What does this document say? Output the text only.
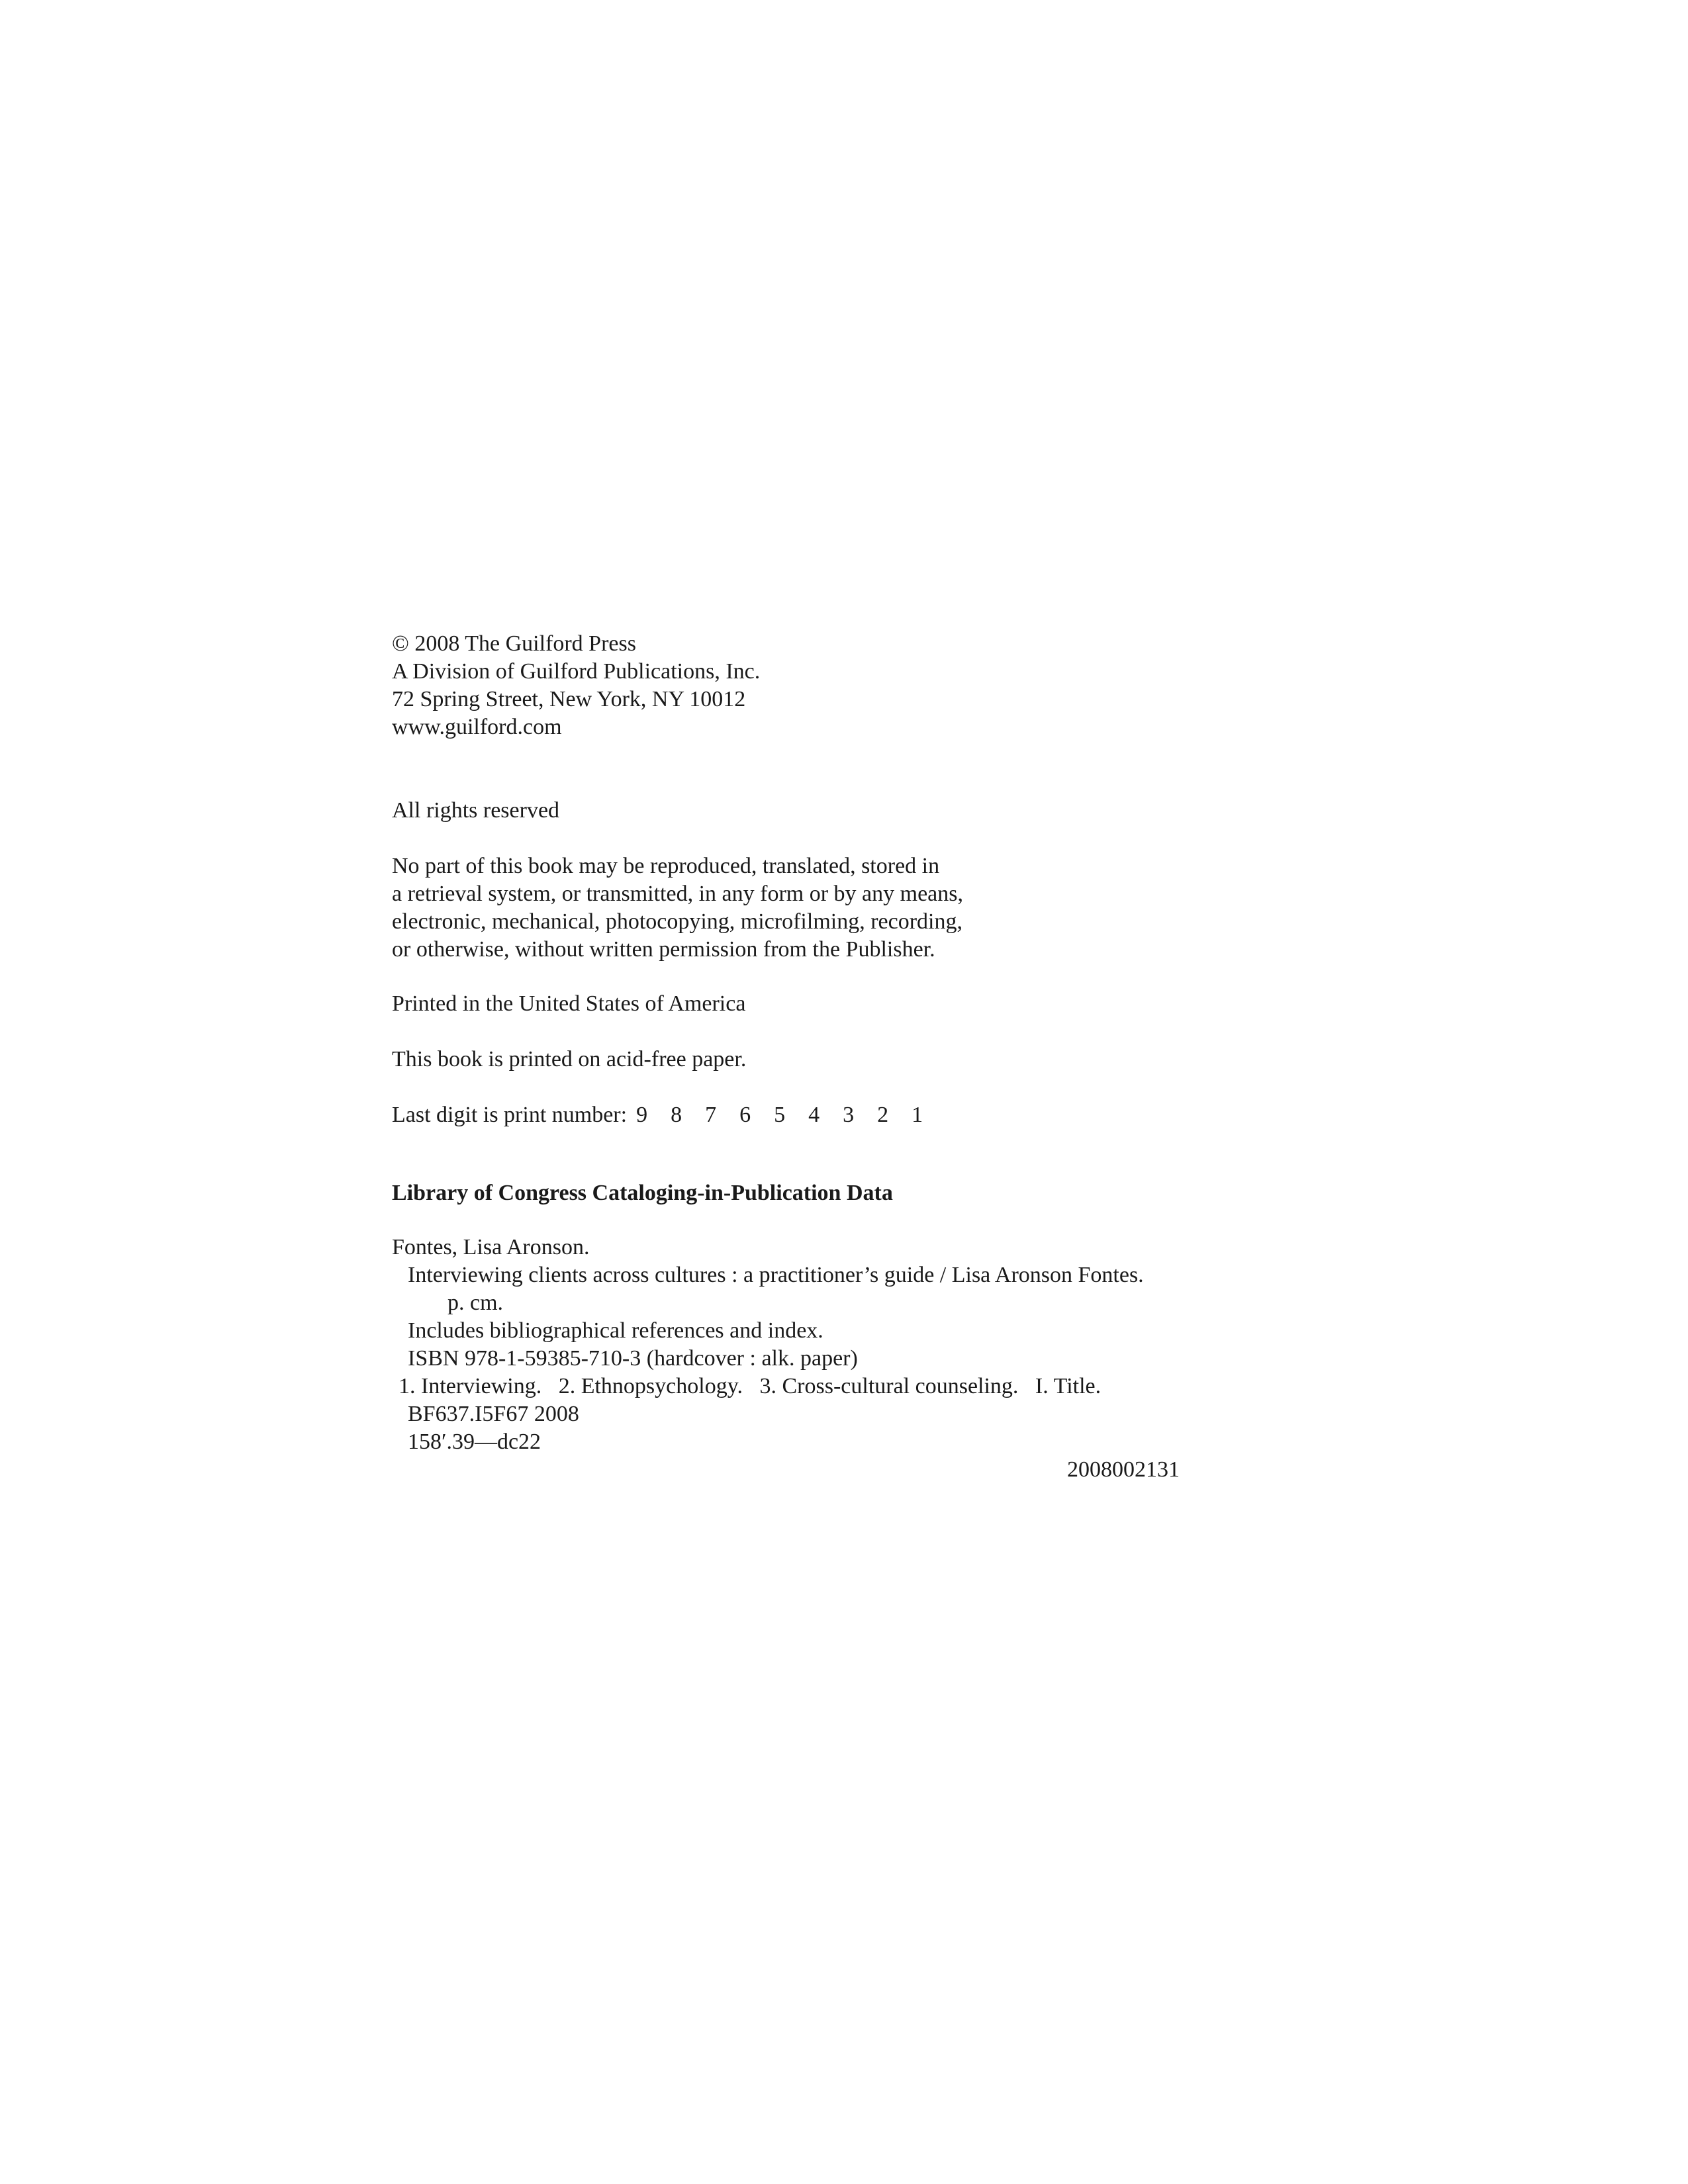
© 2008 The Guilford Press
A Division of Guilford Publications, Inc.
72 Spring Street, New York, NY 10012
www.guilford.com
All rights reserved
No part of this book may be reproduced, translated, stored in
a retrieval system, or transmitted, in any form or by any means,
electronic, mechanical, photocopying, microfilming, recording,
or otherwise, without written permission from the Publisher.
Printed in the United States of America
This book is printed on acid-free paper.
Last digit is print number: 9 8 7 6 5 4 3 2 1
Library of Congress Cataloging-in-Publication Data
Fontes, Lisa Aronson.
Interviewing clients across cultures : a practitioner’s guide / Lisa Aronson Fontes.
p. cm.
Includes bibliographical references and index.
ISBN 978-1-59385-710-3 (hardcover : alk. paper)
1. Interviewing.   2. Ethnopsychology.   3. Cross-cultural counseling.   I. Title.
BF637.I5F67 2008
158′.39—dc22
2008002131
